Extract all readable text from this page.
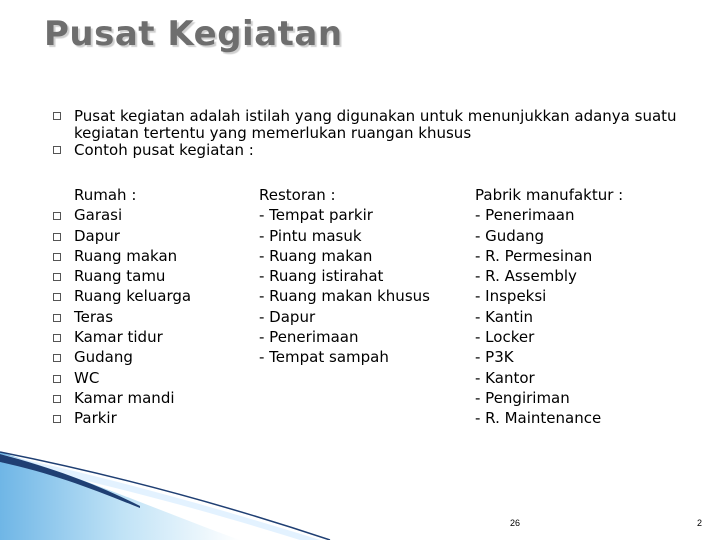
Pusat Kegiatan
Pusat kegiatan adalah istilah yang digunakan untuk menunjukkan adanya suatu kegiatan tertentu yang memerlukan ruangan khusus
Contoh pusat kegiatan :
Rumah :
Garasi
Dapur
Ruang makan
Ruang tamu
Ruang keluarga
Teras
Kamar tidur
Gudang
WC
Kamar mandi
Parkir
Restoran :
- Tempat parkir
- Pintu masuk
- Ruang makan
- Ruang istirahat
- Ruang makan khusus
- Dapur
- Penerimaan
- Tempat sampah
Pabrik manufaktur :
- Penerimaan
- Gudang
- R. Permesinan
- R. Assembly
- Inspeksi
- Kantin
- Locker
- P3K
- Kantor
- Pengiriman
- R. Maintenance
26	2
